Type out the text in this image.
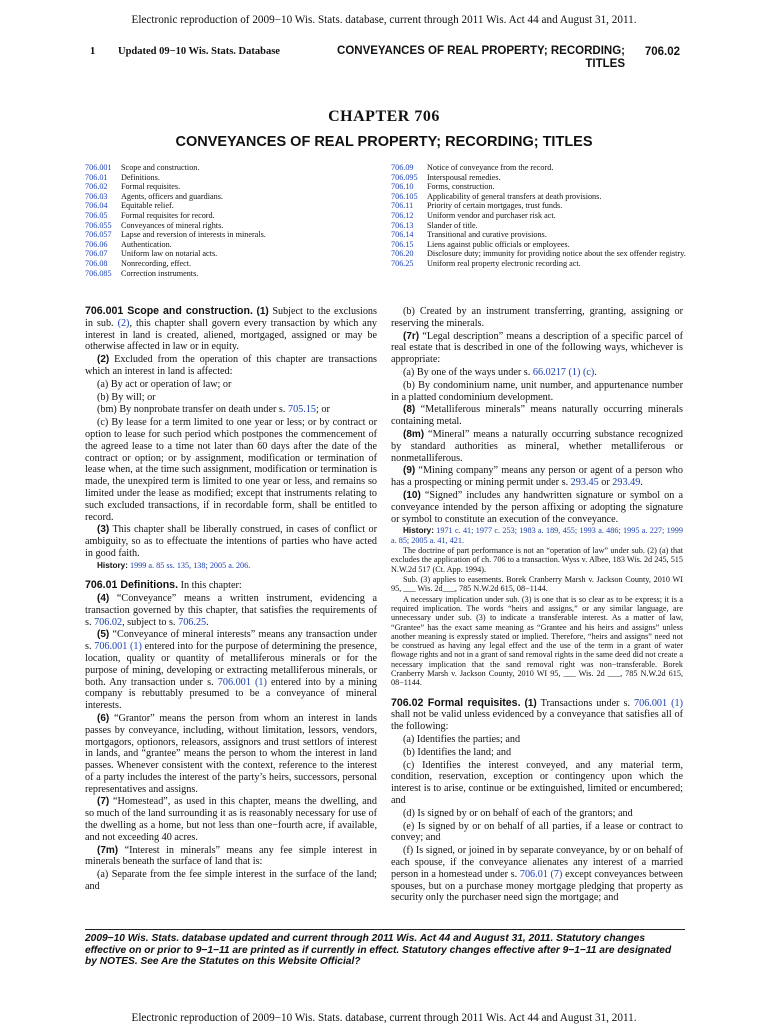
Electronic reproduction of 2009−10 Wis. Stats. database, current through 2011 Wis. Act 44 and August 31, 2011.
1 Updated 09−10 Wis. Stats. Database	CONVEYANCES OF REAL PROPERTY; RECORDING; TITLES
706.02
CHAPTER 706
CONVEYANCES OF REAL PROPERTY; RECORDING; TITLES
706.001	Scope and construction.
706.01	Definitions.
706.02	Formal requisites.
706.03	Agents, officers and guardians.
706.04	Equitable relief.
706.05	Formal requisites for record.
706.055	Conveyances of mineral rights.
706.057	Lapse and reversion of interests in minerals.
706.06	Authentication.
706.07	Uniform law on notarial acts.
706.08	Nonrecording, effect.
706.085	Correction instruments.
706.09	Notice of conveyance from the record.
706.095	Interspousal remedies.
706.10	Forms, construction.
706.105	Applicability of general transfers at death provisions.
706.11	Priority of certain mortgages, trust funds.
706.12	Uniform vendor and purchaser risk act.
706.13	Slander of title.
706.14	Transitional and curative provisions.
706.15	Liens against public officials or employees.
706.20	Disclosure duty; immunity for providing notice about the sex offender registry.
706.25	Uniform real property electronic recording act.

706.001 Scope and construction. (1) Subject to the exclusions in sub. (2), this chapter shall govern every transaction by which any interest in land is created, aliened, mortgaged, assigned or may be otherwise affected in law or in equity.

(2) Excluded from the operation of this chapter are transactions which an interest in land is affected:

(a) By act or operation of law; or

(b) By will; or

(bm) By nonprobate transfer on death under s. 705.15; or

(c) By lease for a term limited to one year or less; or by contract or option to lease for such period which postpones the commencement of the agreed lease to a time not later than 60 days after the date of the contract or option; or by assignment, modification or termination of lease when, at the time such assignment, modification or termination is made, the unexpired term is limited to one year or less, and remains so limited under the lease as modified; except that instruments relating to such excluded transactions, if in recordable form, shall be entitled to record.

(3) This chapter shall be liberally construed, in cases of conflict or ambiguity, so as to effectuate the intentions of parties who have acted in good faith.

History: 1999 a. 85 ss. 135, 138; 2005 a. 206.

706.01 Definitions. In this chapter:

(4) “Conveyance” means a written instrument, evidencing a transaction governed by this chapter, that satisfies the requirements of s. 706.02, subject to s. 706.25.

(5) “Conveyance of mineral interests” means any transaction under s. 706.001 (1) entered into for the purpose of determining the presence, location, quality or quantity of metalliferous minerals or for the purpose of mining, developing or extracting metalliferous minerals, or both. Any transaction under s. 706.001 (1) entered into by a mining company is rebuttably presumed to be a conveyance of mineral interests.

(6) “Grantor” means the person from whom an interest in lands passes by conveyance, including, without limitation, lessors, vendors, mortgagors, optionors, releasors, assignors and trust settlors of interest in lands, and “grantee” means the person to whom the interest in land passes. Whenever consistent with the context, reference to the interest of a party includes the interest of the party’s heirs, successors, personal representatives and assigns.

(7) “Homestead”, as used in this chapter, means the dwelling, and so much of the land surrounding it as is reasonably necessary for use of the dwelling as a home, but not less than one−fourth acre, if available, and not exceeding 40 acres.

(7m) “Interest in minerals” means any fee simple interest in minerals beneath the surface of land that is:

(a) Separate from the fee simple interest in the surface of the land; and

(b) Created by an instrument transferring, granting, assigning or reserving the minerals.

(7r) “Legal description” means a description of a specific parcel of real estate that is described in one of the following ways, whichever is appropriate:

(a) By one of the ways under s. 66.0217 (1) (c).

(b) By condominium name, unit number, and appurtenance number in a platted condominium development.

(8) “Metalliferous minerals” means naturally occurring minerals containing metal.

(8m) “Mineral” means a naturally occurring substance recognized by standard authorities as mineral, whether metalliferous or nonmetalliferous.

(9) “Mining company” means any person or agent of a person who has a prospecting or mining permit under s. 293.45 or 293.49.

(10) “Signed” includes any handwritten signature or symbol on a conveyance intended by the person affixing or adopting the signature or symbol to constitute an execution of the conveyance.

History: 1971 c. 41; 1977 c. 253; 1983 a. 189, 455; 1993 a. 486; 1995 a. 227; 1999 a. 85; 2005 a. 41, 421.

The doctrine of part performance is not an “operation of law” under sub. (2) (a) that excludes the application of ch. 706 to a transaction. Wyss v. Albee, 183 Wis. 2d 245, 515 N.W.2d 517 (Ct. App. 1994).

Sub. (3) applies to easements. Borek Cranberry Marsh v. Jackson County, 2010 WI 95, ___ Wis. 2d___, 785 N.W.2d 615, 08−1144.

A necessary implication under sub. (3) is one that is so clear as to be express; it is a required implication. The words “heirs and assigns,” or any similar language, are unnecessary under sub. (3) to indicate a transferable interest. As a matter of law, “Grantee” has the exact same meaning as “Grantee and his heirs and assigns” unless another meaning is expressly stated or implied. Therefore, “heirs and assigns” need not be construed as having any legal effect and the use of the term in a grant of water flowage rights and not in a grant of sand removal rights in the same deed did not create a necessary implication that the sand removal right was non−transferable. Borek Cranberry Marsh v. Jackson County, 2010 WI 95, ___ Wis. 2d ___, 785 N.W.2d 615, 08−1144.

706.02 Formal requisites. (1) Transactions under s. 706.001 (1) shall not be valid unless evidenced by a conveyance that satisfies all of the following:

(a) Identifies the parties; and

(b) Identifies the land; and

(c) Identifies the interest conveyed, and any material term, condition, reservation, exception or contingency upon which the interest is to arise, continue or be extinguished, limited or encumbered; and

(d) Is signed by or on behalf of each of the grantors; and

(e) Is signed by or on behalf of all parties, if a lease or contract to convey; and

(f) Is signed, or joined in by separate conveyance, by or on behalf of each spouse, if the conveyance alienates any interest of a married person in a homestead under s. 706.01 (7) except conveyances between spouses, but on a purchase money mortgage pledging that property as security only the purchaser need sign the mortgage; and

2009−10 Wis. Stats. database updated and current through 2011 Wis. Act 44 and August 31, 2011. Statutory changes effective on or prior to 9−1−11 are printed as if currently in effect. Statutory changes effective after 9−1−11 are designated by NOTES. See Are the Statutes on this Website Official?
Electronic reproduction of 2009−10 Wis. Stats. database, current through 2011 Wis. Act 44 and August 31, 2011.
